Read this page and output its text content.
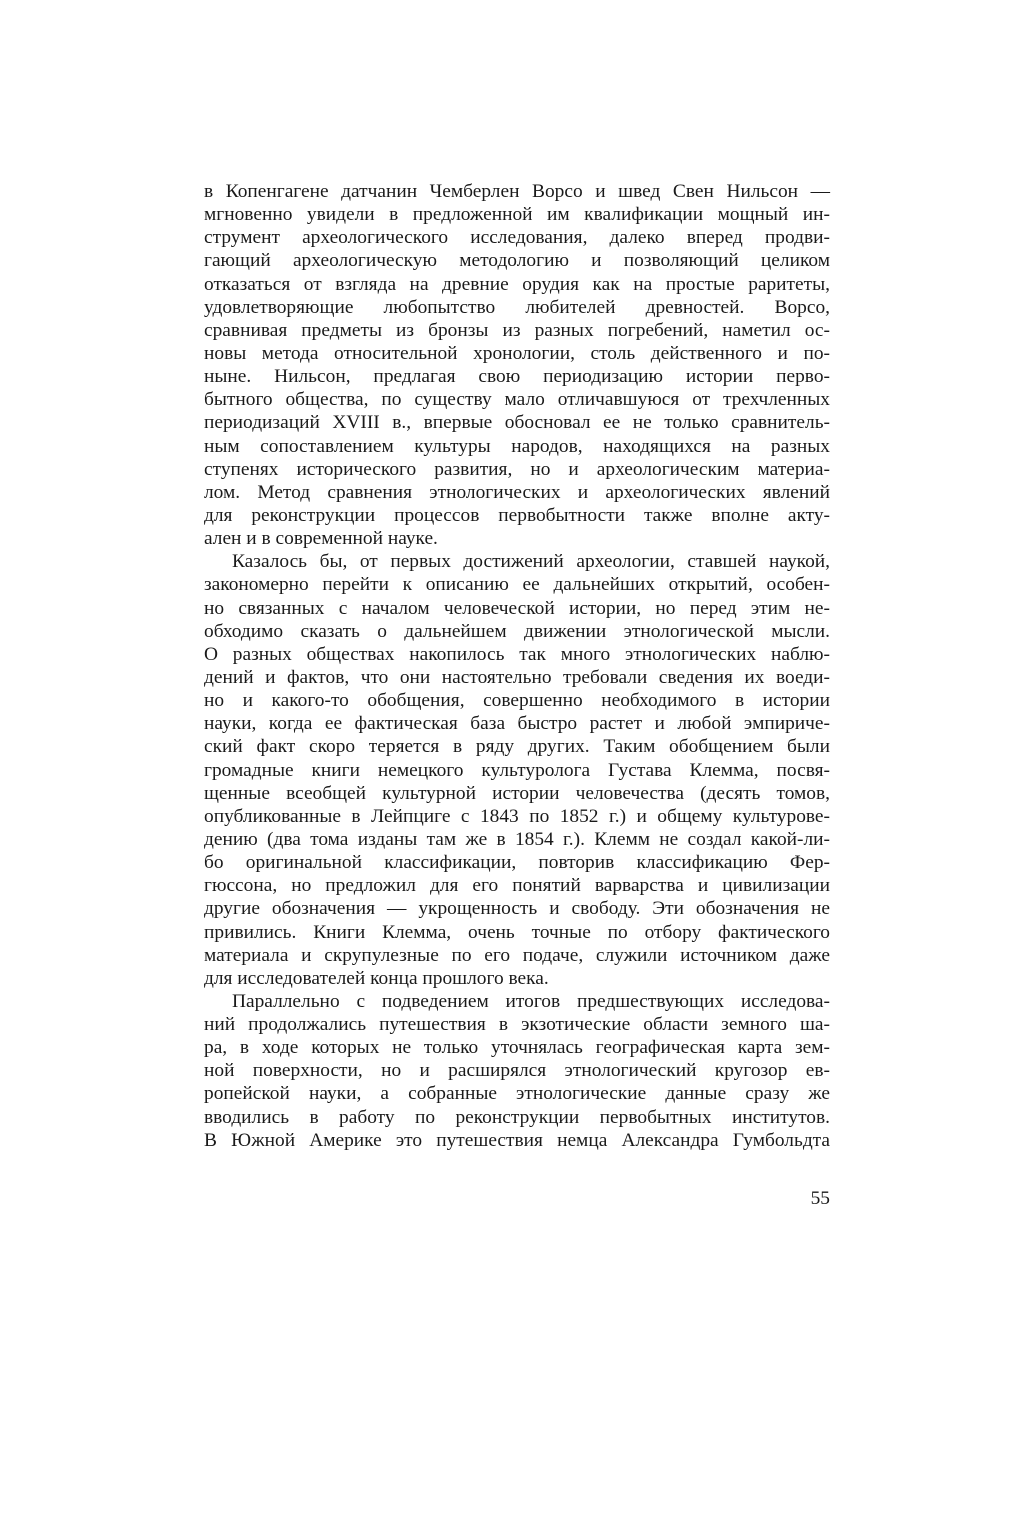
в Копенгагене датчанин Чемберлен Ворсо и швед Свен Нильсон —
мгновенно увидели в предложенной им квалификации мощный ин-
струмент археологического исследования, далеко вперед продви-
гающий археологическую методологию и позволяющий целиком
отказаться от взгляда на древние орудия как на простые раритеты,
удовлетворяющие любопытство любителей древностей. Ворсо,
сравнивая предметы из бронзы из разных погребений, наметил ос-
новы метода относительной хронологии, столь действенного и по-
ныне. Нильсон, предлагая свою периодизацию истории перво-
бытного общества, по существу мало отличавшуюся от трехчленных
периодизаций XVIII в., впервые обосновал ее не только сравнитель-
ным сопоставлением культуры народов, находящихся на разных
ступенях исторического развития, но и археологическим материа-
лом. Метод сравнения этнологических и археологических явлений
для реконструкции процессов первобытности также вполне акту-
ален и в современной науке.
Казалось бы, от первых достижений археологии, ставшей наукой,
закономерно перейти к описанию ее дальнейших открытий, особен-
но связанных с началом человеческой истории, но перед этим не-
обходимо сказать о дальнейшем движении этнологической мысли.
О разных обществах накопилось так много этнологических наблю-
дений и фактов, что они настоятельно требовали сведения их воеди-
но и какого-то обобщения, совершенно необходимого в истории
науки, когда ее фактическая база быстро растет и любой эмпириче-
ский факт скоро теряется в ряду других. Таким обобщением были
громадные книги немецкого культуролога Густава Клемма, посвя-
щенные всеобщей культурной истории человечества (десять томов,
опубликованные в Лейпциге с 1843 по 1852 г.) и общему культурове-
дению (два тома изданы там же в 1854 г.). Клемм не создал какой-ли-
бо оригинальной классификации, повторив классификацию Фер-
гюссона, но предложил для его понятий варварства и цивилизации
другие обозначения — укрощенность и свободу. Эти обозначения не
привились. Книги Клемма, очень точные по отбору фактического
материала и скрупулезные по его подаче, служили источником даже
для исследователей конца прошлого века.
Параллельно с подведением итогов предшествующих исследова-
ний продолжались путешествия в экзотические области земного ша-
ра, в ходе которых не только уточнялась географическая карта зем-
ной поверхности, но и расширялся этнологический кругозор ев-
ропейской науки, а собранные этнологические данные сразу же
вводились в работу по реконструкции первобытных институтов.
В Южной Америке это путешествия немца Александра Гумбольдта
55
